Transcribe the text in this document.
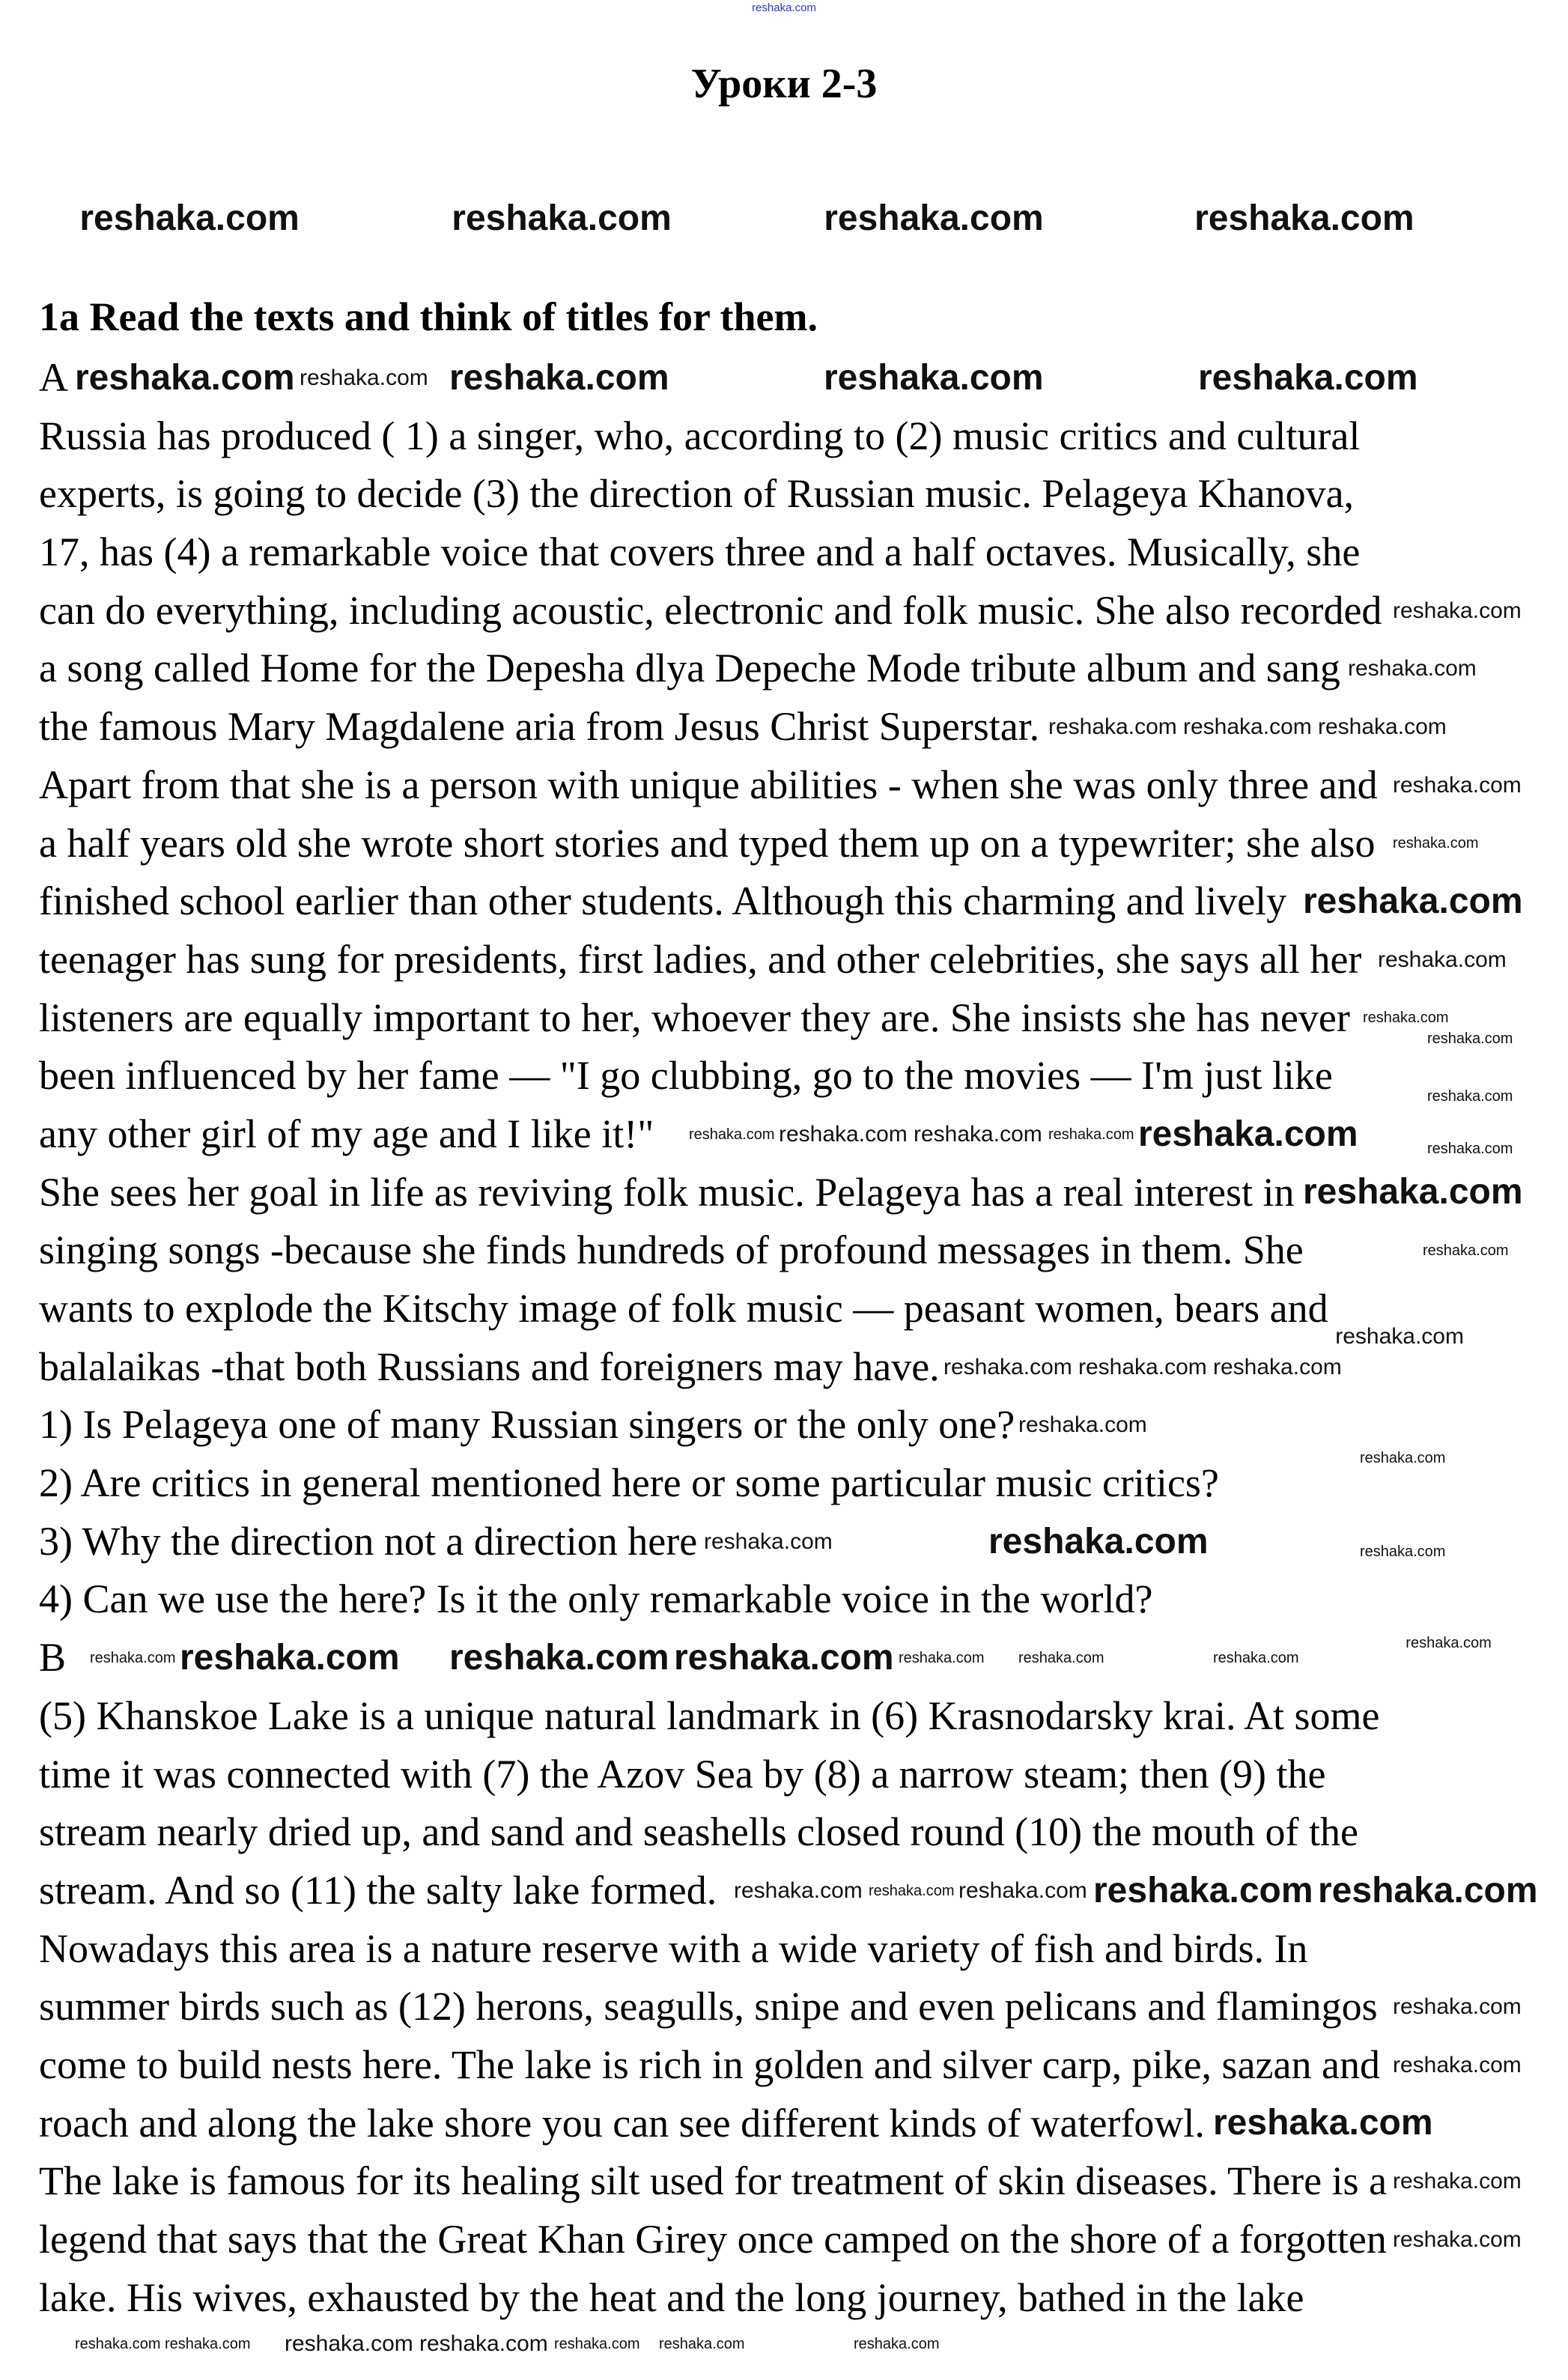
reshaka.com
Уроки 2-3
1a Read the texts and think of titles for them.
A
Russia has produced ( 1) a singer, who, according to (2) music critics and cultural
experts, is going to decide (3) the direction of Russian music. Pelageya Khanova,
17, has (4) a remarkable voice that covers three and a half octaves. Musically, she
can do everything, including acoustic, electronic and folk music. She also recorded
a song called Home for the Depesha dlya Depeche Mode tribute album and sang
the famous Mary Magdalene aria from Jesus Christ Superstar.
Apart from that she is a person with unique abilities - when she was only three and
a half years old she wrote short stories and typed them up on a typewriter; she also
finished school earlier than other students. Although this charming and lively
teenager has sung for presidents, first ladies, and other celebrities, she says all her
listeners are equally important to her, whoever they are. She insists she has never
been influenced by her fame — "I go clubbing, go to the movies — I'm just like
any other girl of my age and I like it!"
She sees her goal in life as reviving folk music. Pelageya has a real interest in
singing songs -because she finds hundreds of profound messages in them. She
wants to explode the Kitschy image of folk music — peasant women, bears and
balalaikas -that both Russians and foreigners may have.
1) Is Pelageya one of many Russian singers or the only one?
2) Are critics in general mentioned here or some particular music critics?
3) Why the direction not a direction here
4) Can we use the here? Is it the only remarkable voice in the world?
B
(5) Khanskoe Lake is a unique natural landmark in (6) Krasnodarsky krai. At some
time it was connected with (7) the Azov Sea by (8) a narrow steam; then (9) the
stream nearly dried up, and sand and seashells closed round (10) the mouth of the
stream. And so (11) the salty lake formed.
Nowadays this area is a nature reserve with a wide variety of fish and birds. In
summer birds such as (12) herons, seagulls, snipe and even pelicans and flamingos
come to build nests here. The lake is rich in golden and silver carp, pike, sazan and
roach and along the lake shore you can see different kinds of waterfowl.
The lake is famous for its healing silt used for treatment of skin diseases. There is a
legend that says that the Great Khan Girey once camped on the shore of a forgotten
lake. His wives, exhausted by the heat and the long journey, bathed in the lake
reshaka.com	reshaka.com	reshaka.com	reshaka.com
reshaka.com	reshaka.com	reshaka.com	reshaka.com
reshaka.com
reshaka.com
reshaka.com
reshaka.com
reshaka.com
reshaka.com
reshaka.com
reshaka.com
reshaka.com
reshaka.com
reshaka.com reshaka.com
reshaka.com
reshaka.com
reshaka.com
reshaka.com
reshaka.com reshaka.com	reshaka.com
reshaka.com
reshaka.com
reshaka.com reshaka.com
reshaka.com
reshaka.com
reshaka.com
reshaka.com
reshaka.com
reshaka.com
reshaka.com	reshaka.com
reshaka.com	reshaka.com
reshaka.com reshaka.com reshaka.com	reshaka.com
reshaka.com reshaka.com reshaka.com reshaka.com reshaka.com
reshaka.com
reshaka.com
reshaka.com
reshaka.com
reshaka.com
reshaka.com
reshaka.com	reshaka.com
reshaka.com
reshaka.com
reshaka.com reshaka.com	reshaka.com
